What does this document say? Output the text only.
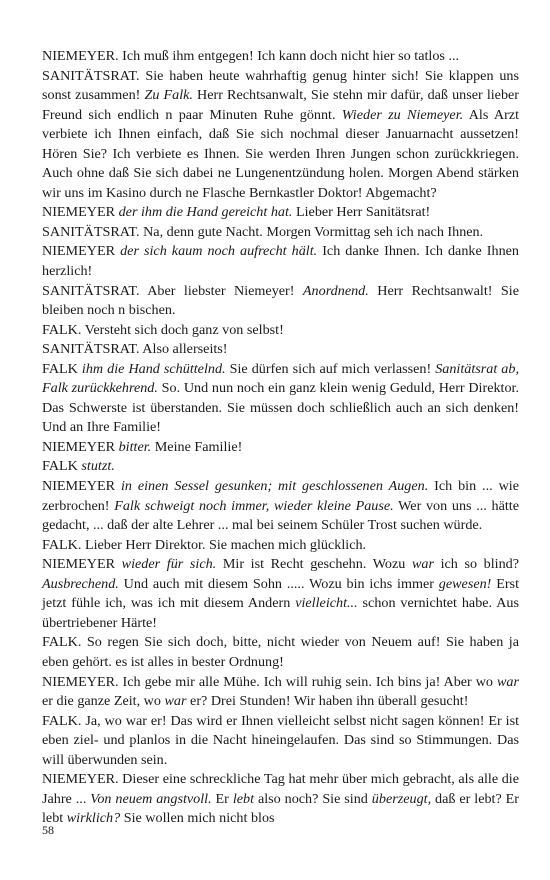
NIEMEYER. Ich muß ihm entgegen! Ich kann doch nicht hier so tatlos ...

SANITÄTSRAT. Sie haben heute wahrhaftig genug hinter sich! Sie klappen uns sonst zusammen! Zu Falk. Herr Rechtsanwalt, Sie stehn mir dafür, daß unser lieber Freund sich endlich n paar Minuten Ruhe gönnt. Wieder zu Niemeyer. Als Arzt verbiete ich Ihnen einfach, daß Sie sich nochmal dieser Januarnacht aussetzen! Hören Sie? Ich verbiete es Ihnen. Sie werden Ihren Jungen schon zurückkriegen. Auch ohne daß Sie sich dabei ne Lungenentzündung holen. Morgen Abend stärken wir uns im Kasino durch ne Flasche Bernkastler Doktor! Abgemacht?

NIEMEYER der ihm die Hand gereicht hat. Lieber Herr Sanitätsrat!

SANITÄTSRAT. Na, denn gute Nacht. Morgen Vormittag seh ich nach Ihnen.

NIEMEYER der sich kaum noch aufrecht hält. Ich danke Ihnen. Ich danke Ihnen herzlich!

SANITÄTSRAT. Aber liebster Niemeyer! Anordnend. Herr Rechtsanwalt! Sie bleiben noch n bischen.

FALK. Versteht sich doch ganz von selbst!

SANITÄTSRAT. Also allerseits!

FALK ihm die Hand schüttelnd. Sie dürfen sich auf mich verlassen! Sanitätsrat ab, Falk zurückkehrend. So. Und nun noch ein ganz klein wenig Geduld, Herr Direktor. Das Schwerste ist überstanden. Sie müssen doch schließlich auch an sich denken! Und an Ihre Familie!

NIEMEYER bitter. Meine Familie!

FALK stutzt.

NIEMEYER in einen Sessel gesunken; mit geschlossenen Augen. Ich bin ... wie zerbrochen! Falk schweigt noch immer, wieder kleine Pause. Wer von uns ... hätte gedacht, ... daß der alte Lehrer ... mal bei seinem Schüler Trost suchen würde.

FALK. Lieber Herr Direktor. Sie machen mich glücklich.

NIEMEYER wieder für sich. Mir ist Recht geschehn. Wozu war ich so blind? Ausbrechend. Und auch mit diesem Sohn ..... Wozu bin ichs immer gewesen! Erst jetzt fühle ich, was ich mit diesem Andern vielleicht... schon vernichtet habe. Aus übertriebener Härte!

FALK. So regen Sie sich doch, bitte, nicht wieder von Neuem auf! Sie haben ja eben gehört. es ist alles in bester Ordnung!

NIEMEYER. Ich gebe mir alle Mühe. Ich will ruhig sein. Ich bins ja! Aber wo war er die ganze Zeit, wo war er? Drei Stunden! Wir haben ihn überall gesucht!

FALK. Ja, wo war er! Das wird er Ihnen vielleicht selbst nicht sagen können! Er ist eben ziel- und planlos in die Nacht hineingelaufen. Das sind so Stimmungen. Das will überwunden sein.

NIEMEYER. Dieser eine schreckliche Tag hat mehr über mich gebracht, als alle die Jahre ... Von neuem angstvoll. Er lebt also noch? Sie sind überzeugt, daß er lebt? Er lebt wirklich? Sie wollen mich nicht blos

58
